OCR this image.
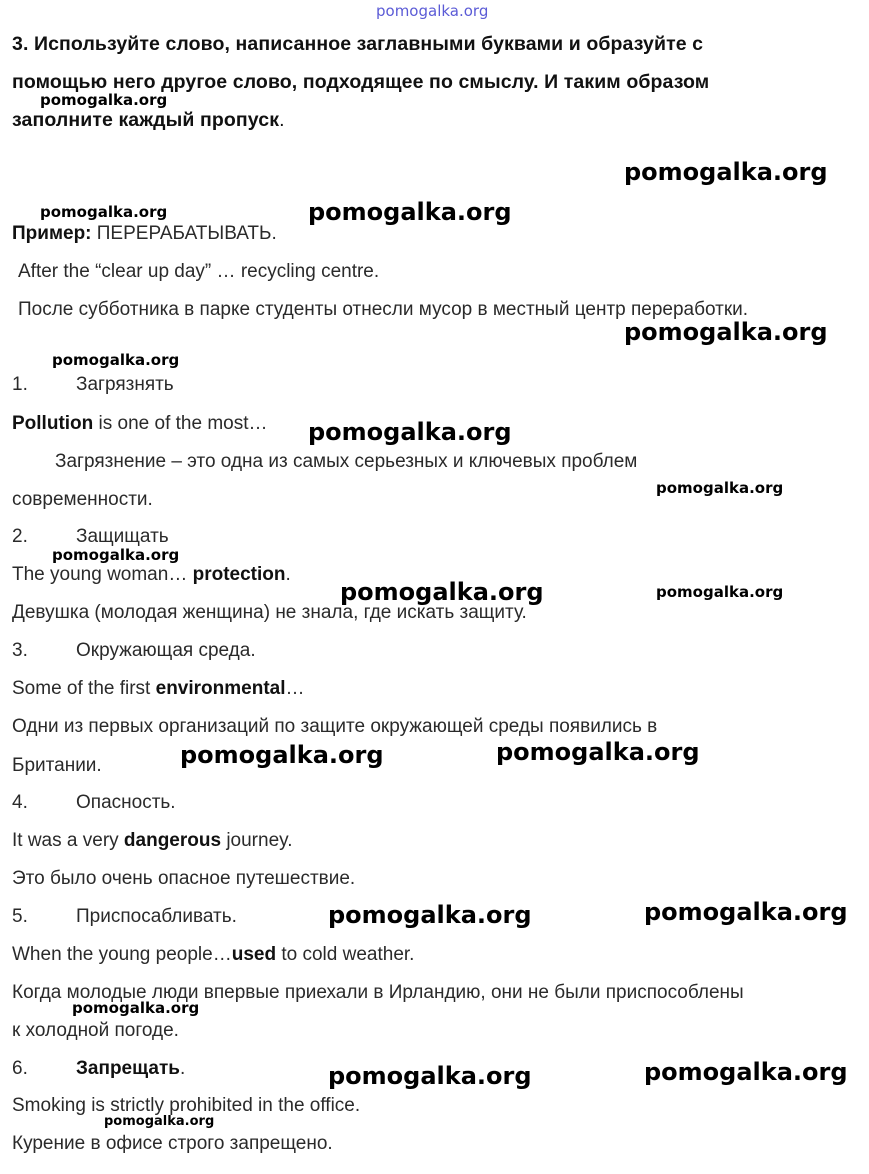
3. Используйте слово, написанное заглавными буквами и образуйте с
помощью него другое слово, подходящее по смыслу. И таким образом
заполните каждый пропуск.
Пример: ПЕРЕРАБАТЫВАТЬ.
After the “clear up day” … recycling centre.
После субботника в парке студенты отнесли мусор в местный центр переработки.
1.	Загрязнять
Pollution is one of the most…
Загрязнение – это одна из самых серьезных и ключевых проблем
современности.
2.	Защищать
The young woman… protection.
Девушка (молодая женщина) не знала, где искать защиту.
3.	Окружающая среда.
Some of the first environmental…
Одни из первых организаций по защите окружающей среды появились в
Британии.
4.	Опасность.
It was a very dangerous journey.
Это было очень опасное путешествие.
5.	Приспосабливать.
When the young people…used to cold weather.
Когда молодые люди впервые приехали в Ирландию, они не были приспособлены
к холодной погоде.
6.	Запрещать.
Smoking is strictly prohibited in the office.
Курение в офисе строго запрещено.
pomogalka.org
pomogalka.org
pomogalka.org
pomogalka.org	pomogalka.org
pomogalka.org
pomogalka.org
pomogalka.org
pomogalka.org
pomogalka.org
pomogalka.org	pomogalka.org
pomogalka.org	pomogalka.org
pomogalka.org	pomogalka.org
pomogalka.org
pomogalka.org	pomogalka.org
pomogalka.org
